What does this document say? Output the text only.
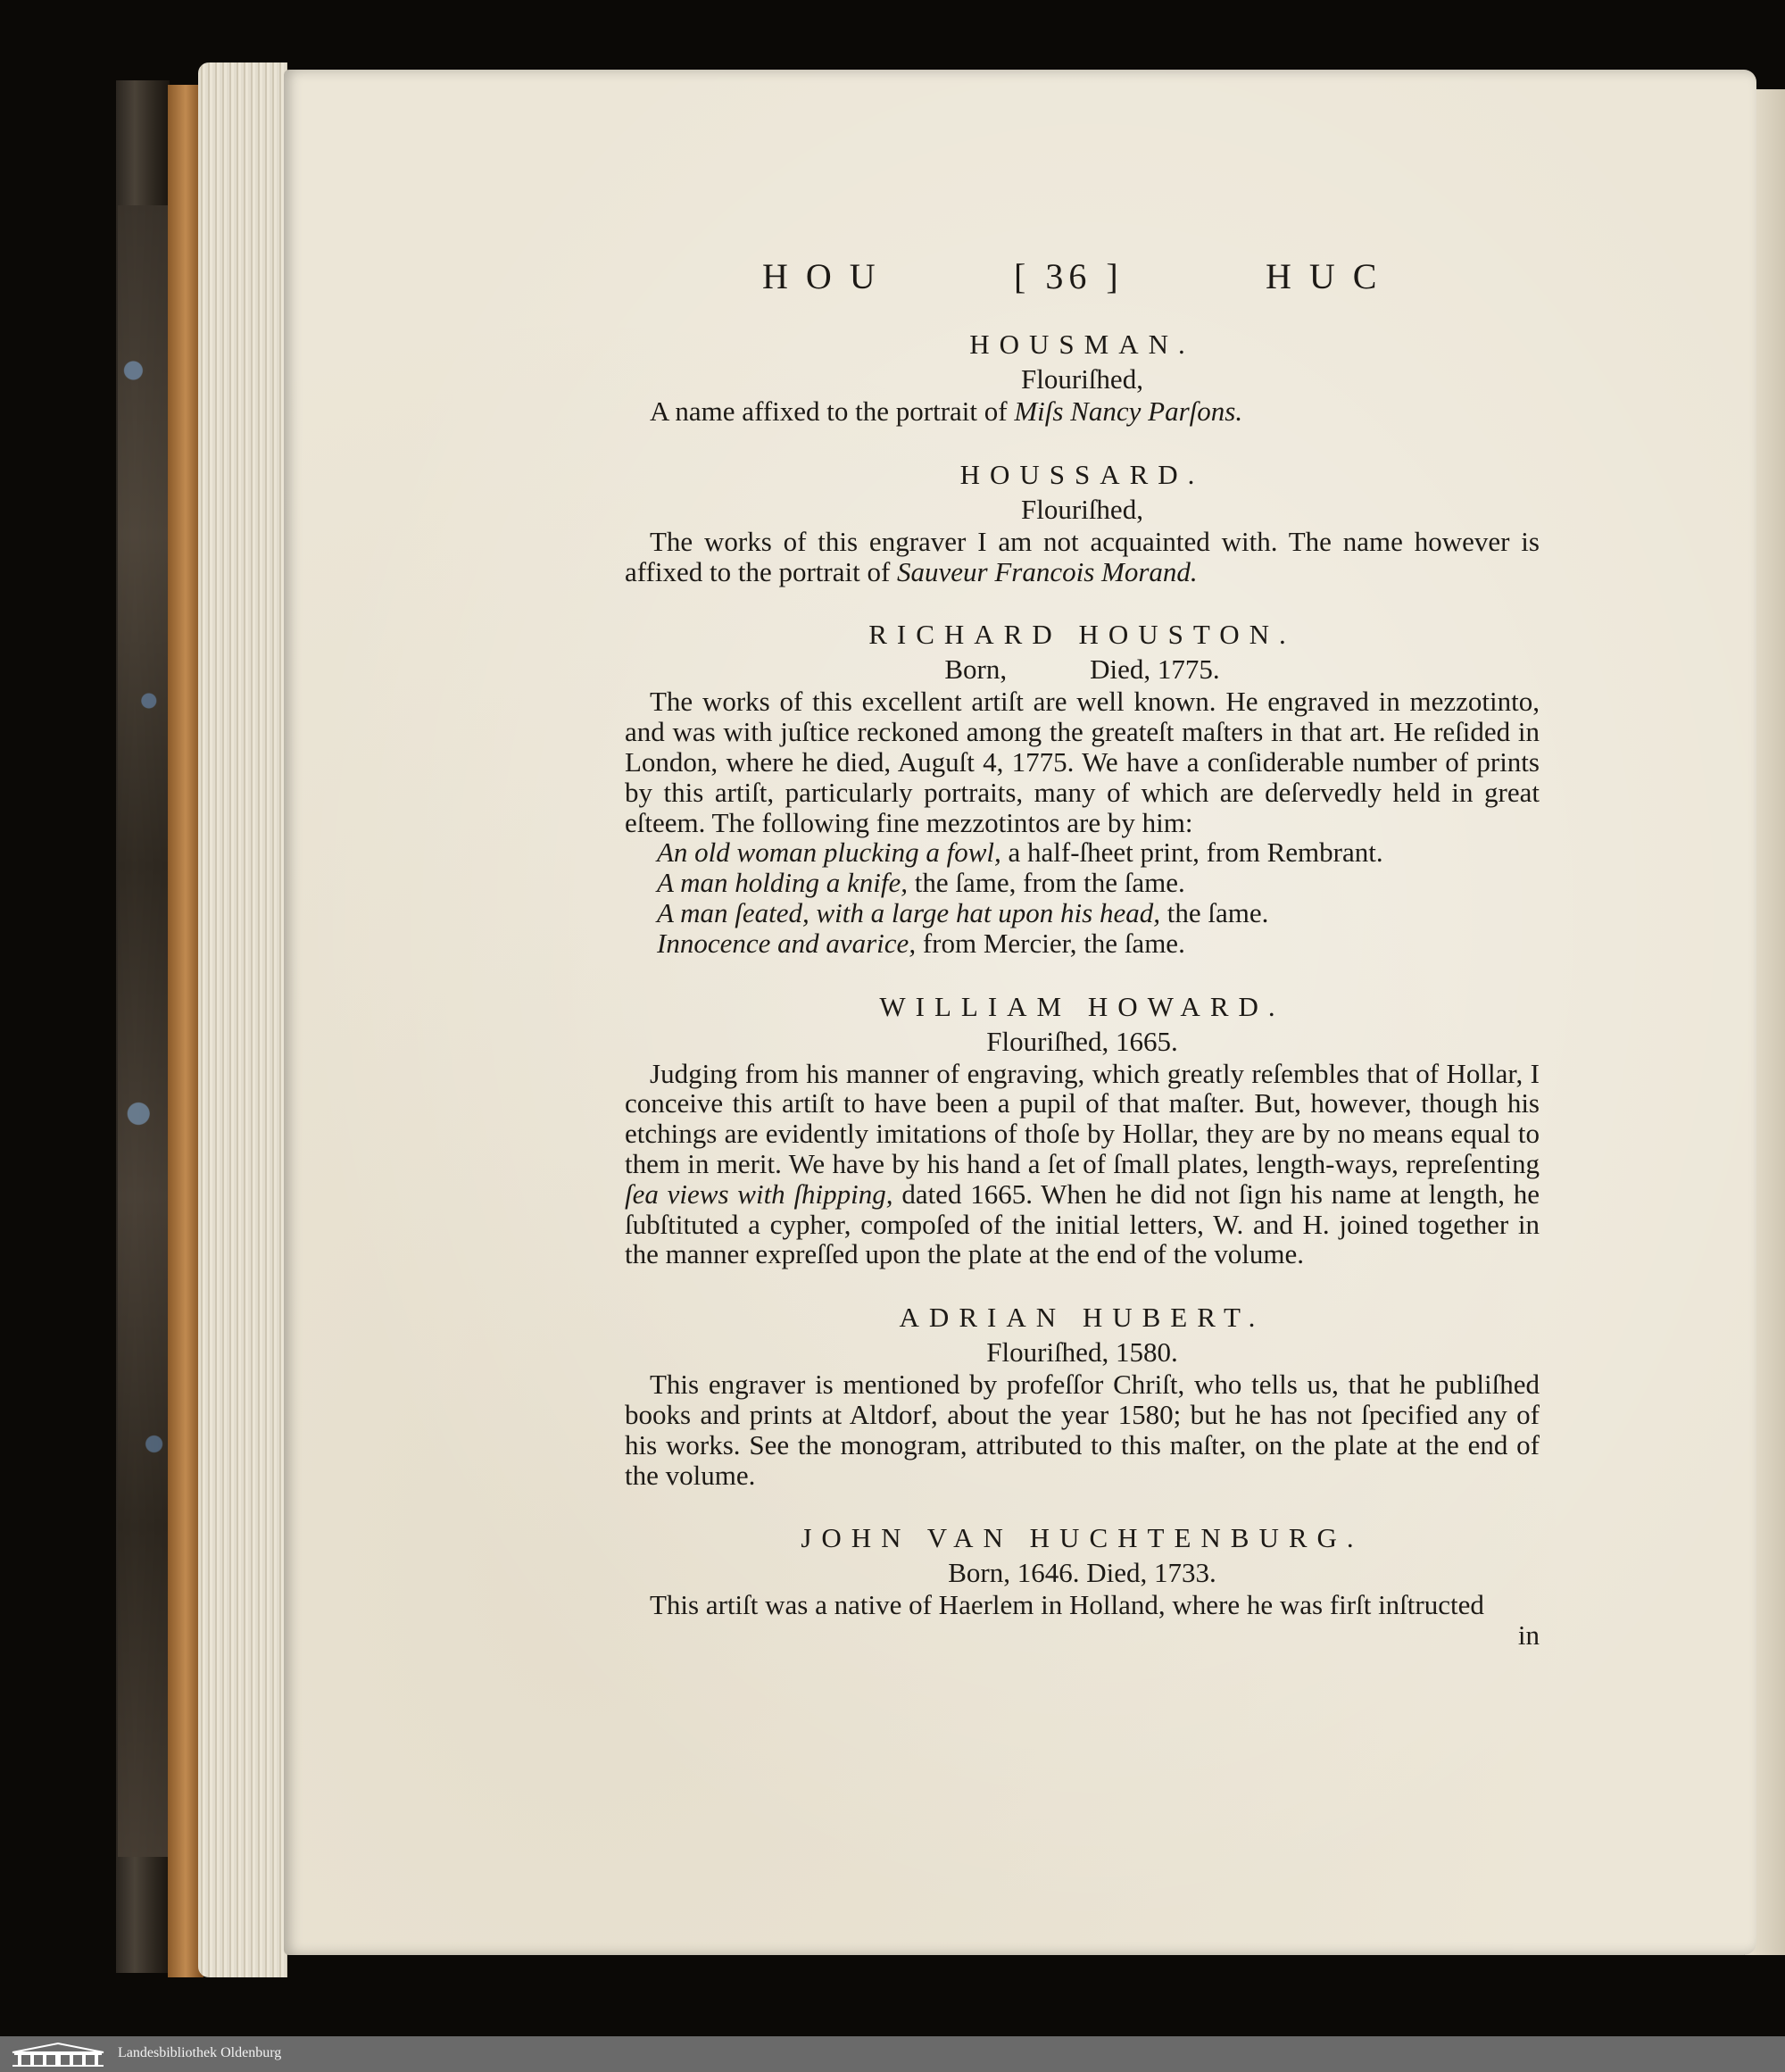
HOU	[ 36 ]	HUC

HOUSMAN.

Flouriſhed,

A name affixed to the portrait of Miſs Nancy Parſons.

HOUSSARD.

Flouriſhed,

The works of this engraver I am not acquainted with. The name however is affixed to the portrait of Sauveur Francois Morand.

RICHARD HOUSTON.

Born,            Died, 1775.

The works of this excellent artiſt are well known. He engraved in mezzotinto, and was with juſtice reckoned among the greateſt maſters in that art. He reſided in London, where he died, Auguſt 4, 1775. We have a conſiderable number of prints by this artiſt, particularly portraits, many of which are deſervedly held in great eſteem. The following fine mezzotintos are by him:

An old woman plucking a fowl, a half-ſheet print, from Rembrant.
A man holding a knife, the ſame, from the ſame.
A man ſeated, with a large hat upon his head, the ſame.
Innocence and avarice, from Mercier, the ſame.

WILLIAM HOWARD.

Flouriſhed, 1665.

Judging from his manner of engraving, which greatly reſembles that of Hollar, I conceive this artiſt to have been a pupil of that maſter. But, however, though his etchings are evidently imitations of thoſe by Hollar, they are by no means equal to them in merit. We have by his hand a ſet of ſmall plates, length-ways, repreſenting ſea views with ſhipping, dated 1665. When he did not ſign his name at length, he ſubſtituted a cypher, compoſed of the initial letters, W. and H. joined together in the manner expreſſed upon the plate at the end of the volume.

ADRIAN HUBERT.

Flouriſhed, 1580.

This engraver is mentioned by profeſſor Chriſt, who tells us, that he publiſhed books and prints at Altdorf, about the year 1580; but he has not ſpecified any of his works. See the monogram, attributed to this maſter, on the plate at the end of the volume.

JOHN VAN HUCHTENBURG.

Born, 1646. Died, 1733.

This artiſt was a native of Haerlem in Holland, where he was firſt inſtructed

in

Landesbibliothek Oldenburg
